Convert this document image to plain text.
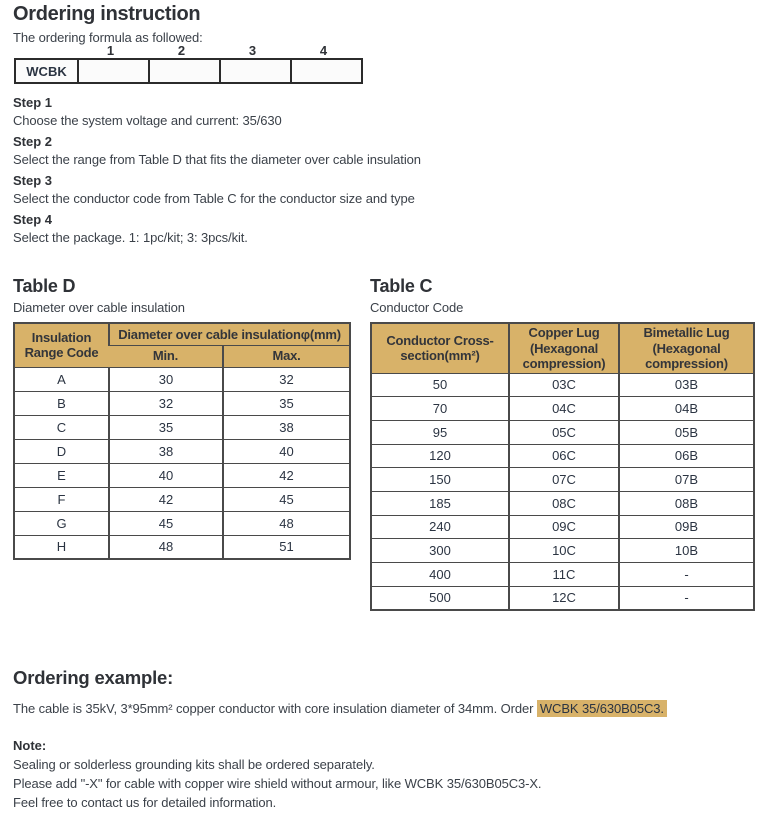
Ordering instruction

The ordering formula as followed:

1	2	3	4
WCBK
Step 1
Choose the system voltage and current: 35/630
Step 2
Select the range from Table D that fits the diameter over cable insulation
Step 3
Select the conductor code from Table C for the conductor size and type
Step 4
Select the package. 1: 1pc/kit; 3: 3pcs/kit.
Table D

Diameter over cable insulation

Insulation Range Code	Diameter over cable insulationφ(mm)	
	Min.	Max.
A	30	32
B	32	35
C	35	38
D	38	40
E	40	42
F	42	45
G	45	48
H	48	51
Table C

Conductor Code

Conductor Cross-section(mm²)	Copper Lug (Hexagonal compression)	Bimetallic Lug (Hexagonal compression)
50	03C	03B
70	04C	04B
95	05C	05B
120	06C	06B
150	07C	07B
185	08C	08B
240	09C	09B
300	10C	10B
400	11C	-
500	12C	-
Ordering example:

The cable is 35kV, 3*95mm² copper conductor with core insulation diameter of 34mm. Order WCBK 35/630B05C3.

Note:
Sealing or solderless grounding kits shall be ordered separately.
Please add "-X" for cable with copper wire shield without armour, like WCBK 35/630B05C3-X.
Feel free to contact us for detailed information.
